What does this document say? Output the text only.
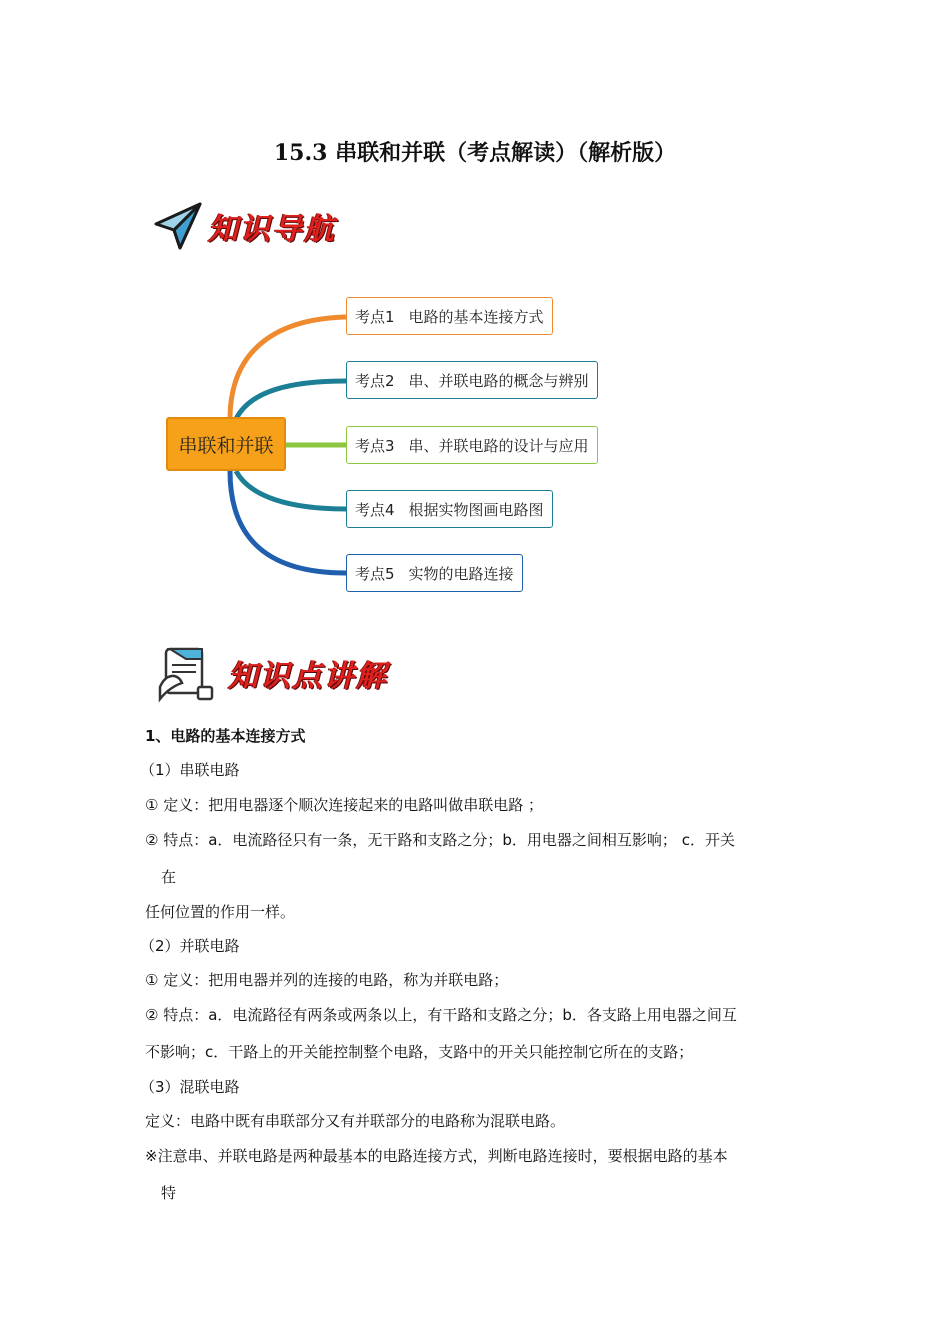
15.3 串联和并联（考点解读）（解析版）
知识导航
串联和并联
考点1 电路的基本连接方式
考点2 串、并联电路的概念与辨别
考点3 串、并联电路的设计与应用
考点4 根据实物图画电路图
考点5 实物的电路连接
知识点讲解
1、电路的基本连接方式
（1）串联电路
① 定义：把用电器逐个顺次连接起来的电路叫做串联电路 ；
② 特点：a．电流路径只有一条，无干路和支路之分；b．用电器之间相互影响； c．开关
在
任何位置的作用一样。
（2）并联电路
① 定义：把用电器并列的连接的电路，称为并联电路；
② 特点：a．电流路径有两条或两条以上，有干路和支路之分；b．各支路上用电器之间互
不影响；c．干路上的开关能控制整个电路，支路中的开关只能控制它所在的支路；
（3）混联电路
定义：电路中既有串联部分又有并联部分的电路称为混联电路。
※注意串、并联电路是两种最基本的电路连接方式，判断电路连接时，要根据电路的基本
特
